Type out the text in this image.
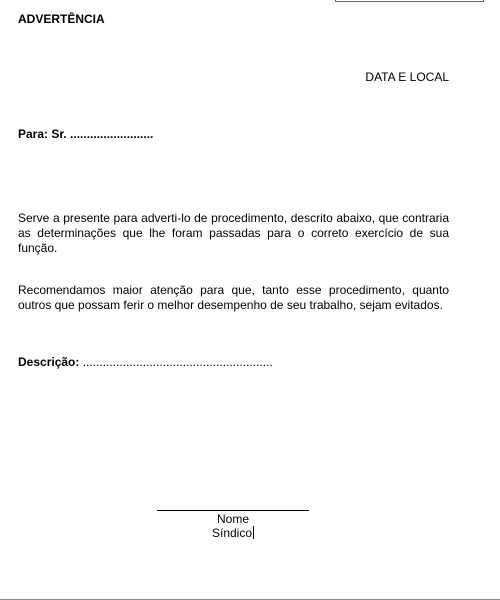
ADVERTÊNCIA
DATA E LOCAL
Para: Sr. .........................

Serve a presente para adverti-lo de procedimento, descrito abaixo, que contraria as determinações que lhe foram passadas para o correto exercício de sua função.

Recomendamos maior atenção para que, tanto esse procedimento, quanto outros que possam ferir o melhor desempenho de seu trabalho, sejam evitados.

Descrição: .........................................................
Nome
Síndico
